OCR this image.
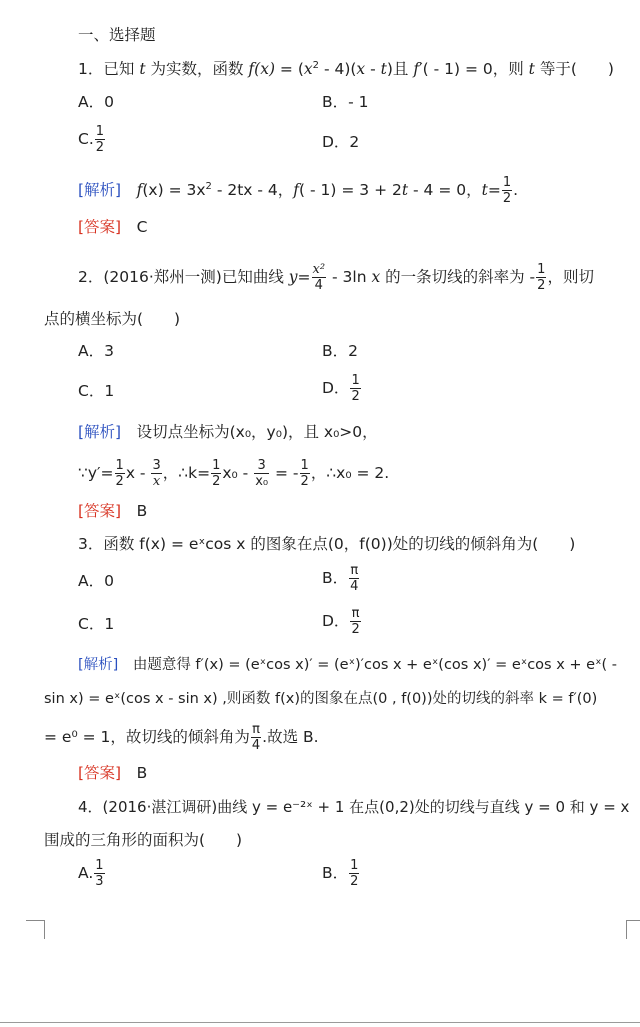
一、选择题
1．已知 t 为实数，函数 $f(x) = (x^2 - 4)(x - t)$且 f′( - 1) = 0，则 t 等于(　　)
A．0	B．- 1
C. $\frac{1}{2}$	D．2
[解析]　 $f(x) = 3x^2 - 2tx - 4$，f( - 1) = 3 + 2t - 4 = 0，$t= \frac{1}{2}$ .
[答案]　 C
2．(2016·郑州一测)已知曲线 $y= \frac{\text{x²}}{4} - 3\ln$ x 的一条切线的斜率为 - $\frac{1}{2}$ ，则切
点的横坐标为(　　)
A．3	B．2
C．1	D． $\frac{1}{2}$
[解析]　 设切点坐标为(x₀，y₀)，且 x₀>0，
∵y′= $\frac{1}{2}$ x - $\frac{3}{x}$ ，∴k= $\frac{1}{2} x_0 - \frac{3}{\text{x₀}}$ = - $\frac{1}{2}$ ，∴x₀ = 2.
[答案]　 B
3．函数 f(x) = eˣcos x 的图象在点(0，f(0))处的切线的倾斜角为(　　)
A．0	B． $\frac{\pi}{4}$
C．1	D． $\frac{\pi}{2}$
[解析]　 由题意得 f′(x) = (eˣcos x)′ = (eˣ)′cos x + eˣ(cos x)′ = eˣcos x + eˣ( -
sin x) = eˣ(cos x - sin x) ,则函数 f(x)的图象在点(0 , f(0))处的切线的斜率 k = f′(0)
= e⁰ = 1，故切线的倾斜角为 $\frac{\pi}{4}$ .故选 B.
[答案]　 B
4．(2016·湛江调研)曲线 y = e⁻²ˣ + 1 在点(0,2)处的切线与直线 y = 0 和 y = x
围成的三角形的面积为(　　)
A. $\frac{1}{3}$	B． $\frac{1}{2}$
